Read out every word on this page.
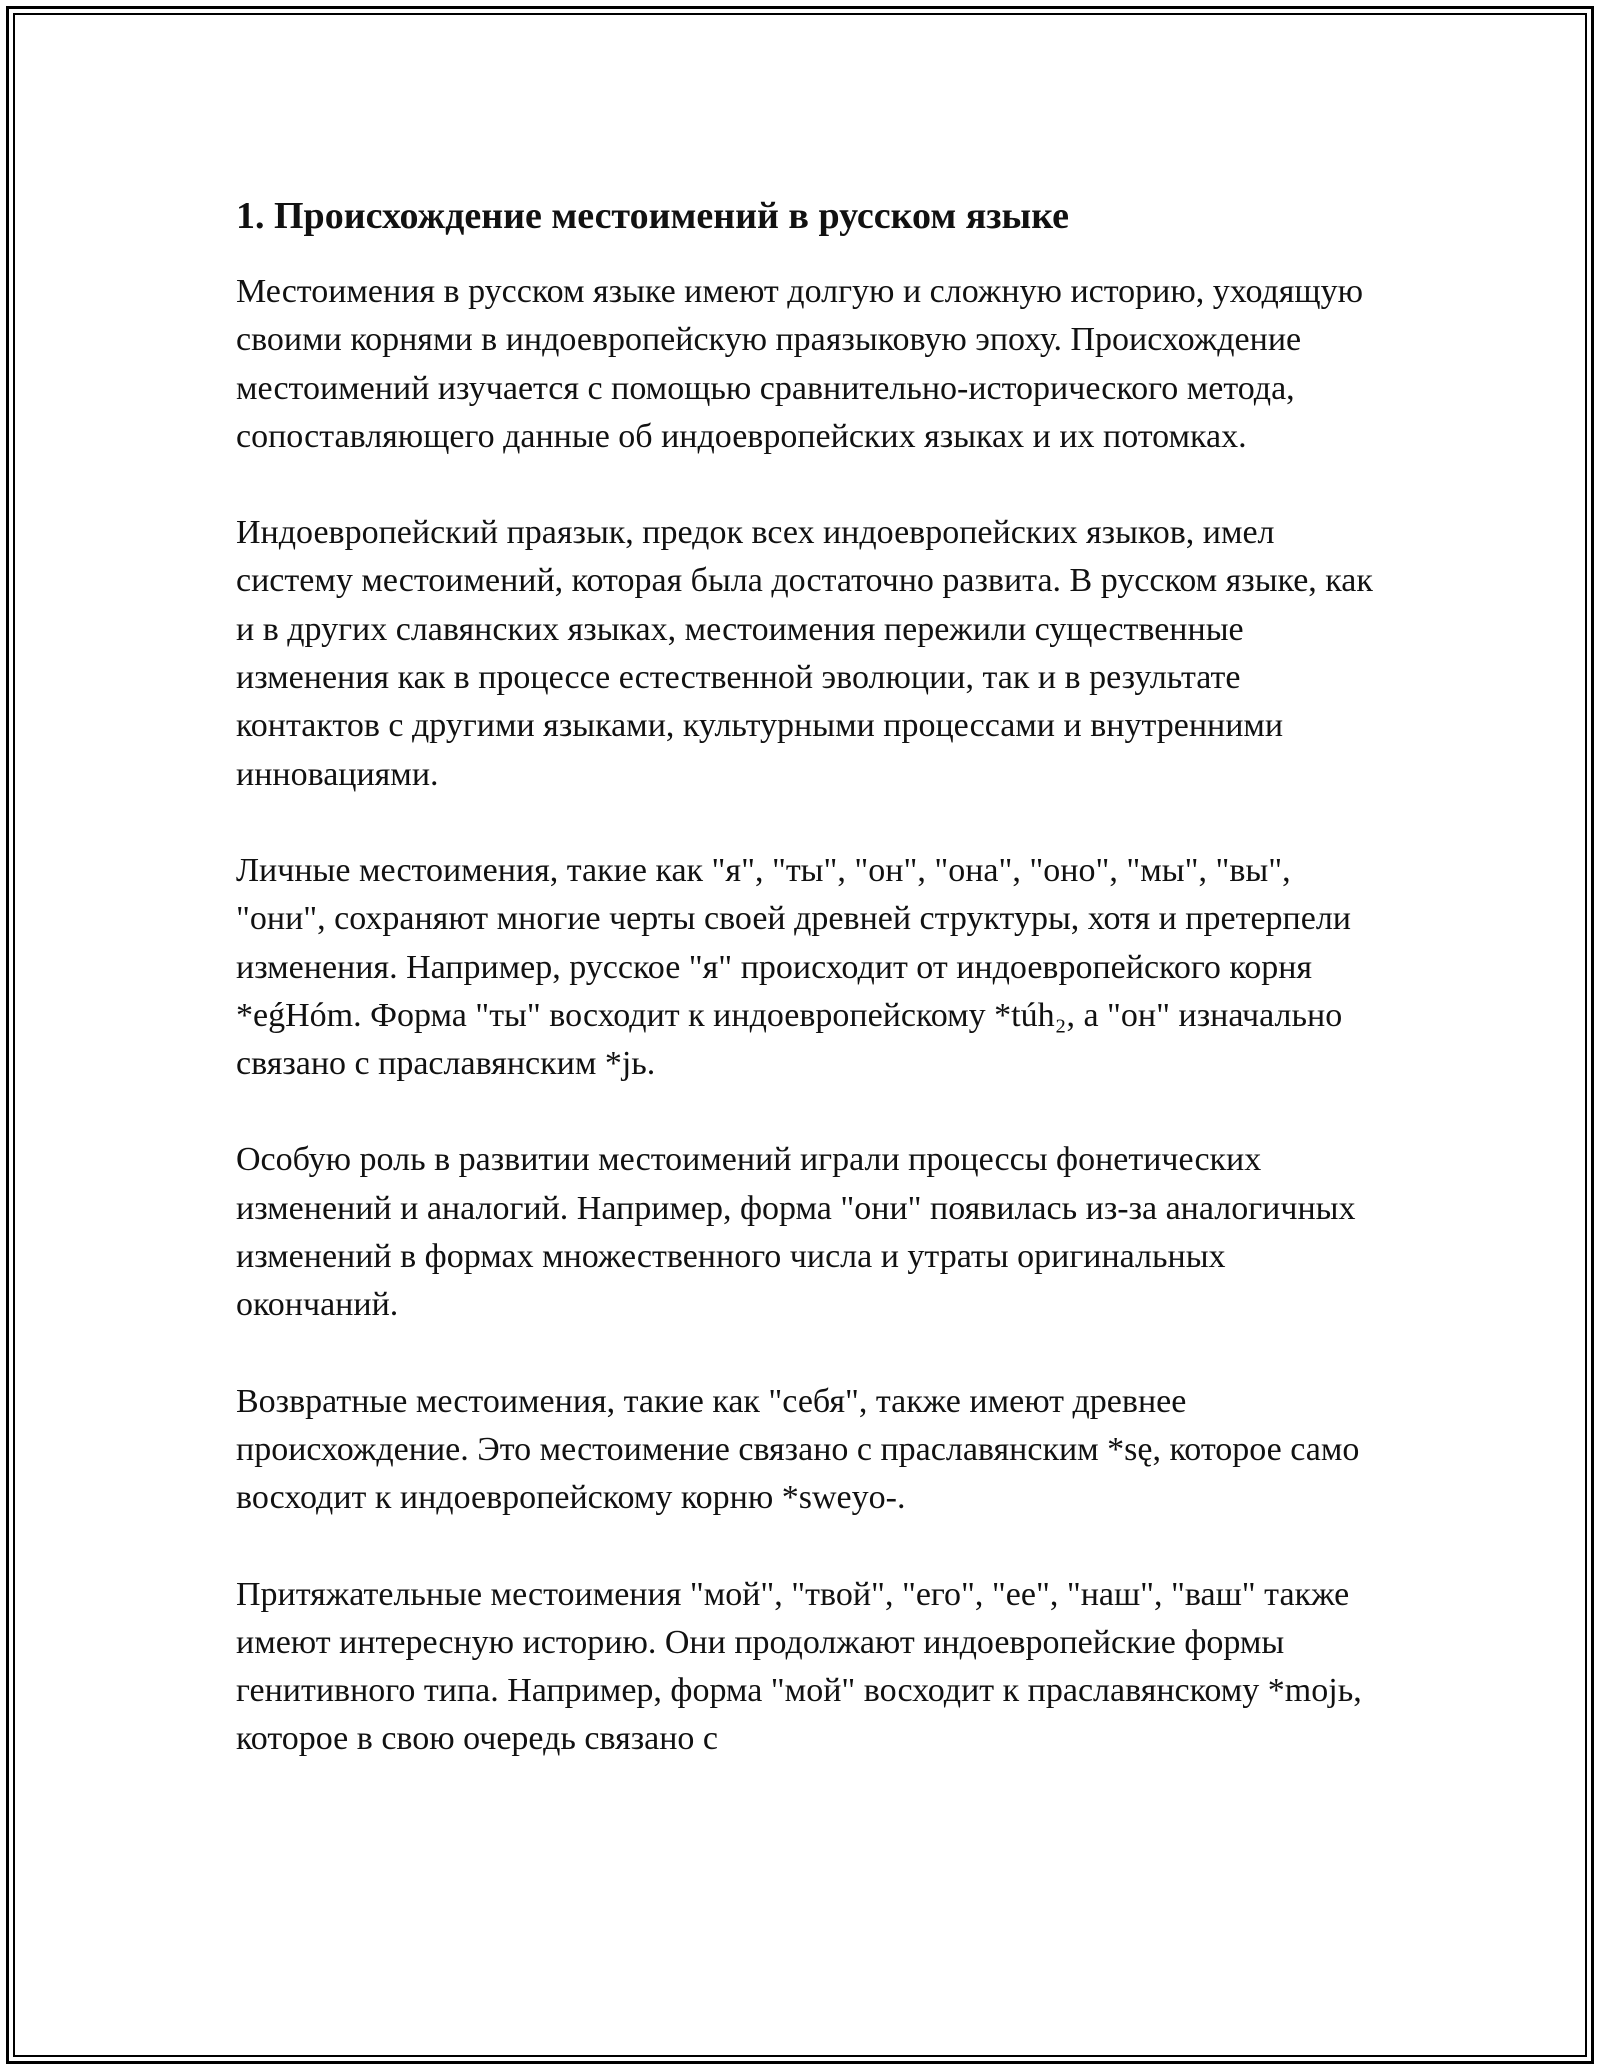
1. Происхождение местоимений в русском языке

Местоимения в русском языке имеют долгую и сложную историю, уходящую своими корнями в индоевропейскую праязыковую эпоху. Происхождение местоимений изучается с помощью сравнительно-исторического метода, сопоставляющего данные об индоевропейских языках и их потомках.

Индоевропейский праязык, предок всех индоевропейских языков, имел систему местоимений, которая была достаточно развита. В русском языке, как и в других славянских языках, местоимения пережили существенные изменения как в процессе естественной эволюции, так и в результате контактов с другими языками, культурными процессами и внутренними инновациями.

Личные местоимения, такие как "я", "ты", "он", "она", "оно", "мы", "вы", "они", сохраняют многие черты своей древней структуры, хотя и претерпели изменения. Например, русское "я" происходит от индоевропейского корня *eǵHóm. Форма "ты" восходит к индоевропейскому *túh₂, а "он" изначально связано с праславянским *jь.

Особую роль в развитии местоимений играли процессы фонетических изменений и аналогий. Например, форма "они" появилась из-за аналогичных изменений в формах множественного числа и утраты оригинальных окончаний.

Возвратные местоимения, такие как "себя", также имеют древнее происхождение. Это местоимение связано с праславянским *sę, которое само восходит к индоевропейскому корню *sweyo-.

Притяжательные местоимения "мой", "твой", "его", "ее", "наш", "ваш" также имеют интересную историю. Они продолжают индоевропейские формы генитивного типа. Например, форма "мой" восходит к праславянскому *mojь, которое в свою очередь связано с
